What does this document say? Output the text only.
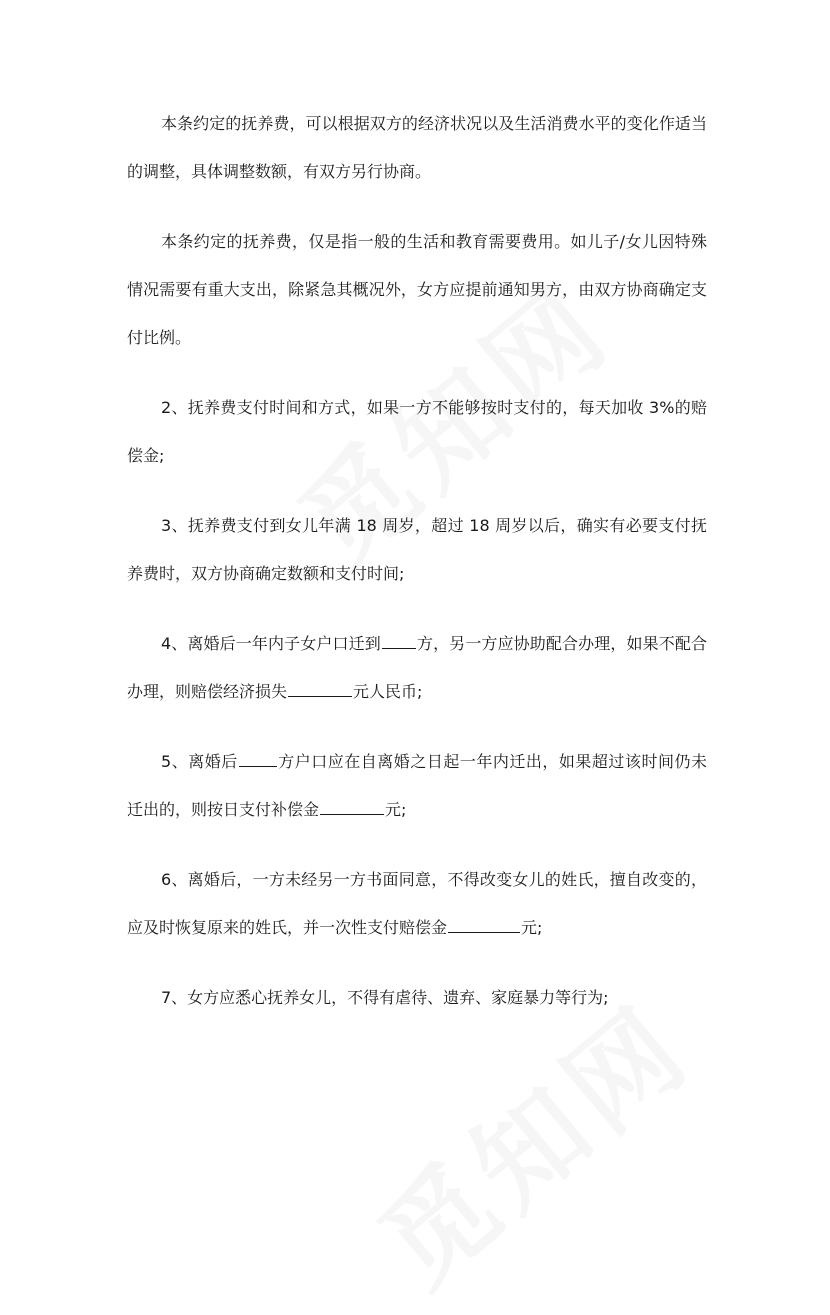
本条约定的抚养费，可以根据双方的经济状况以及生活消费水平的变化作适当的调整，具体调整数额，有双方另行协商。

本条约定的抚养费，仅是指一般的生活和教育需要费用。如儿子/女儿因特殊情况需要有重大支出，除紧急其概况外，女方应提前通知男方，由双方协商确定支付比例。

2、抚养费支付时间和方式，如果一方不能够按时支付的，每天加收 3%的赔偿金;

3、抚养费支付到女儿年满 18 周岁，超过 18 周岁以后，确实有必要支付抚养费时，双方协商确定数额和支付时间;

4、离婚后一年内子女户口迁到 方，另一方应协助配合办理，如果不配合办理，则赔偿经济损失	元人民币;

5、离婚后	方户口应在自离婚之日起一年内迁出，如果超过该时间仍未迁出的，则按日支付补偿金	元;

6、离婚后，一方未经另一方书面同意，不得改变女儿的姓氏，擅自改变的，应及时恢复原来的姓氏，并一次性支付赔偿金	元;

7、女方应悉心抚养女儿，不得有虐待、遗弃、家庭暴力等行为;
